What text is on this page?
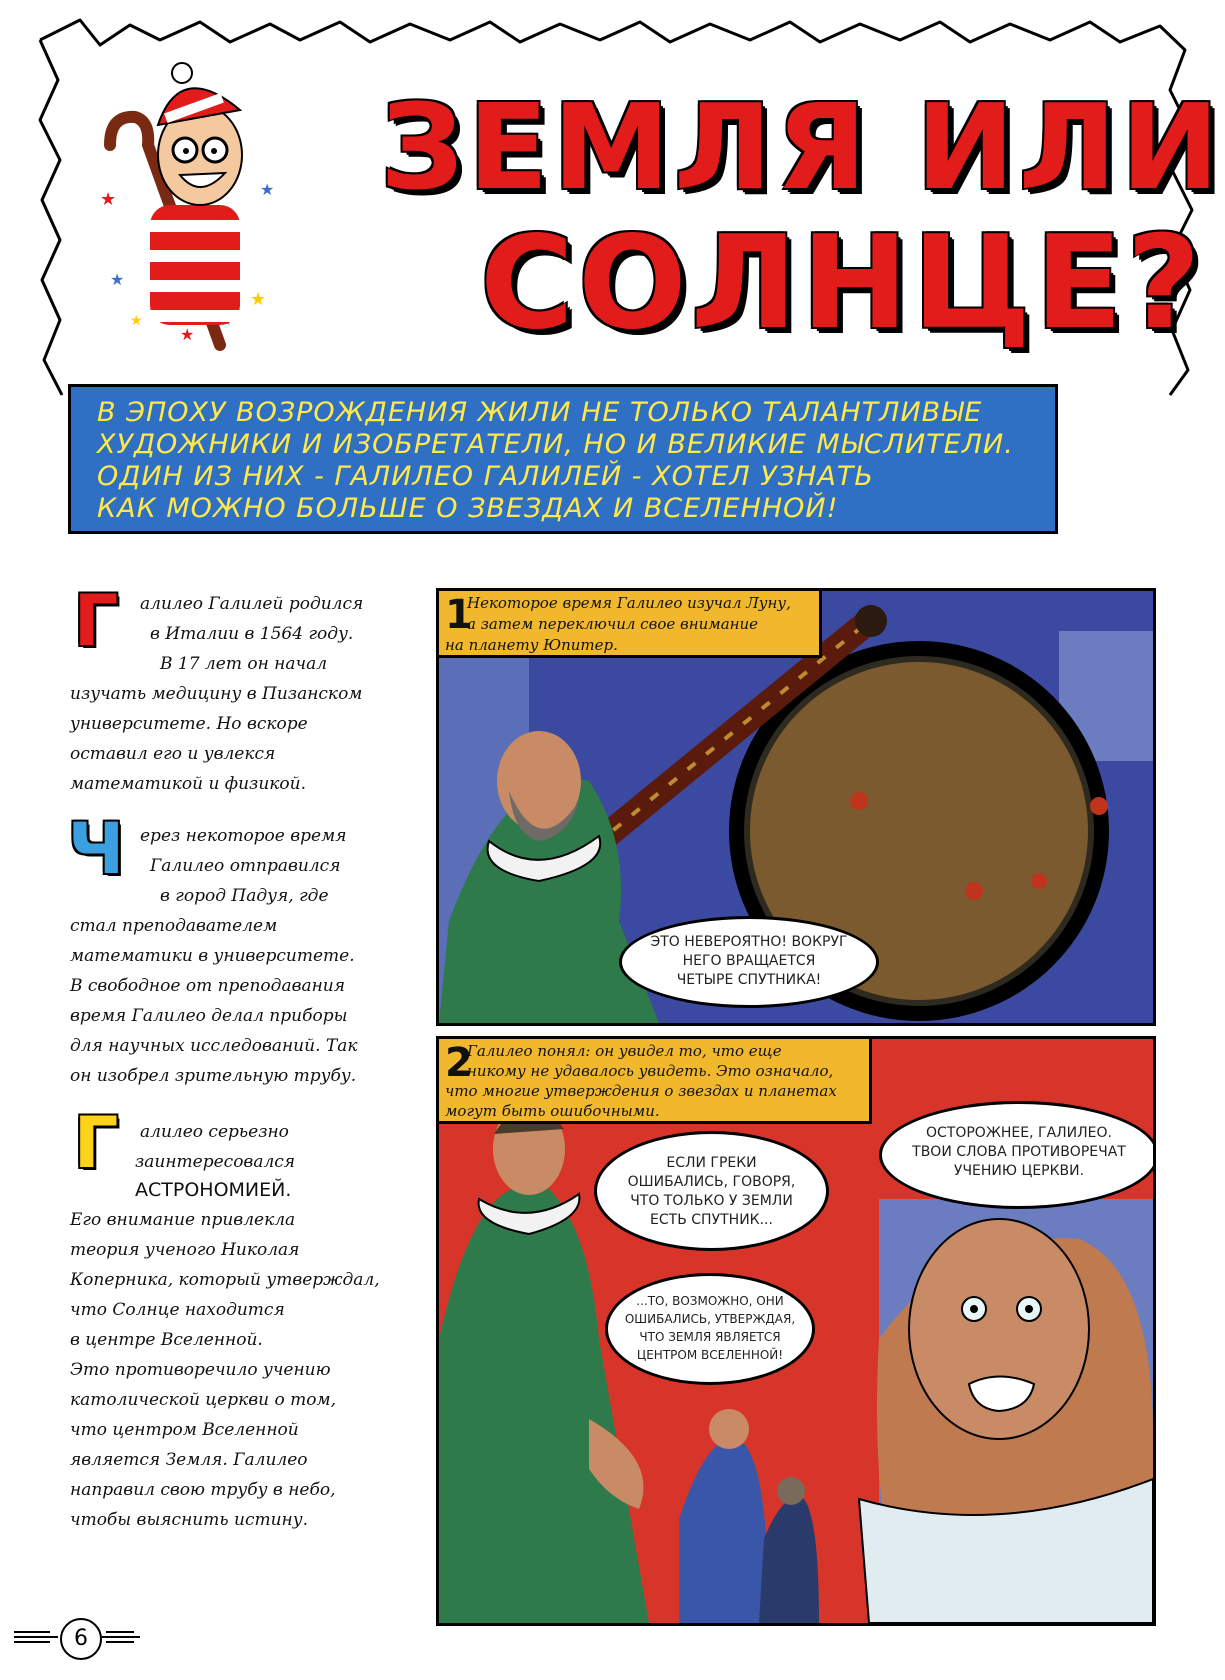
★	★
★
★
★
★
ЗЕМЛЯ ИЛИ
СОЛНЦЕ?
В ЭПОХУ ВОЗРОЖДЕНИЯ ЖИЛИ НЕ ТОЛЬКО ТАЛАНТЛИВЫЕ
ХУДОЖНИКИ И ИЗОБРЕТАТЕЛИ, НО И ВЕЛИКИЕ МЫСЛИТЕЛИ.
ОДИН ИЗ НИХ - ГАЛИЛЕО ГАЛИЛЕЙ - ХОТЕЛ УЗНАТЬ
КАК МОЖНО БОЛЬШЕ О ЗВЕЗДАХ И ВСЕЛЕННОЙ!
Г	алилео Галилей родился
в Италии в 1564 году.
В 17 лет он начал
изучать медицину в Пизанском
университете. Но вскоре
оставил его и увлекся
математикой и физикой.
Ч ерез некоторое время
Галилео отправился
в город Падуя, где
стал преподавателем
математики в университете.
В свободное от преподавания
время Галилео делал приборы
для научных исследований. Так
он изобрел зрительную трубу.
Г	алилео серьезно
заинтересовался
АСТРОНОМИЕЙ.
Его внимание привлекла
теория ученого Николая
Коперника, который утверждал,
что Солнце находится
в центре Вселенной.
Это противоречило учению
католической церкви о том,
что центром Вселенной
является Земля. Галилео
направил свою трубу в небо,
чтобы выяснить истину.
1
Некоторое время Галилео изучал Луну,
а затем переключил свое внимание
на планету Юпитер.
ЭТО НЕВЕРОЯТНО! ВОКРУГ
НЕГО ВРАЩАЕТСЯ
ЧЕТЫРЕ СПУТНИКА!
2
Галилео понял: он увидел то, что еще
никому не удавалось увидеть. Это означало,
что многие утверждения о звездах и планетах
могут быть ошибочными.
ЕСЛИ ГРЕКИ
ОШИБАЛИСЬ, ГОВОРЯ,
ЧТО ТОЛЬКО У ЗЕМЛИ
ЕСТЬ СПУТНИК...
...ТО, ВОЗМОЖНО, ОНИ
ОШИБАЛИСЬ, УТВЕРЖДАЯ,
ЧТО ЗЕМЛЯ ЯВЛЯЕТСЯ
ЦЕНТРОМ ВСЕЛЕННОЙ!
ОСТОРОЖНЕЕ, ГАЛИЛЕО.
ТВОИ СЛОВА ПРОТИВОРЕЧАТ
УЧЕНИЮ ЦЕРКВИ.
6
